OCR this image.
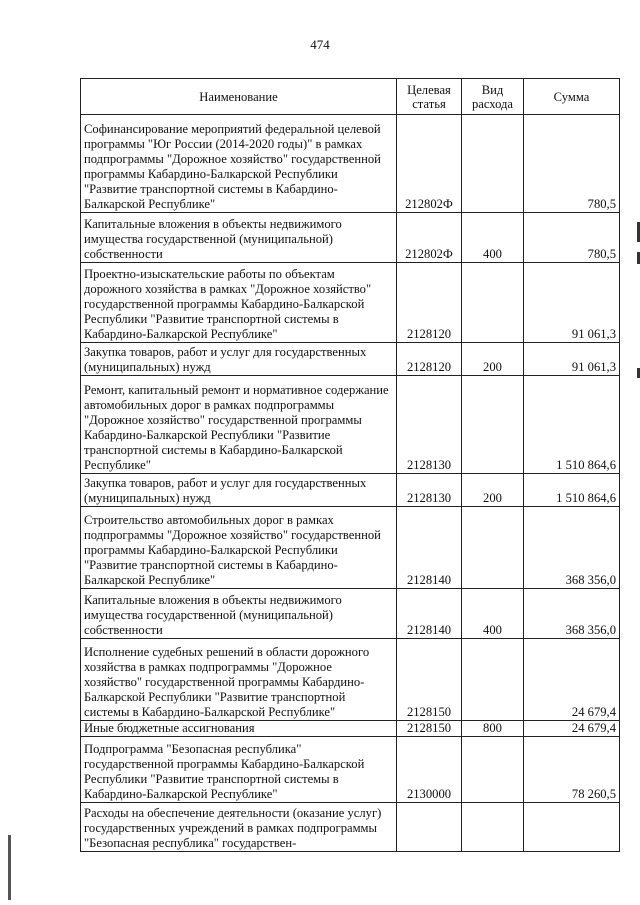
474
Наименование	Целевая статья	Вид расхода	Сумма
Софинансирование мероприятий федеральной целевой программы "Юг России (2014-2020 годы)" в рамках подпрограммы "Дорожное хозяйство" государственной программы Кабардино-Балкарской Республики "Развитие транспортной системы в Кабардино-Балкарской Республике"	212802Ф		780,5
Капитальные вложения в объекты недвижимого имущества государственной (муниципальной) собственности	212802Ф	400	780,5
Проектно-изыскательские работы по объектам дорожного хозяйства в рамках "Дорожное хозяйство" государственной программы Кабардино-Балкарской Республики "Развитие транспортной системы в Кабардино-Балкарской Республике"	2128120		91 061,3
Закупка товаров, работ и услуг для государственных (муниципальных) нужд	2128120	200	91 061,3
Ремонт, капитальный ремонт и нормативное содержание автомобильных дорог в рамках подпрограммы "Дорожное хозяйство" государственной программы Кабардино-Балкарской Республики "Развитие транспортной системы в Кабардино-Балкарской Республике"	2128130		1 510 864,6
Закупка товаров, работ и услуг для государственных (муниципальных) нужд	2128130	200	1 510 864,6
Строительство автомобильных дорог в рамках подпрограммы "Дорожное хозяйство" государственной программы Кабардино-Балкарской Республики "Развитие транспортной системы в Кабардино-Балкарской Республике"	2128140		368 356,0
Капитальные вложения в объекты недвижимого имущества государственной (муниципальной) собственности	2128140	400	368 356,0
Исполнение судебных решений в области дорожного хозяйства в рамках подпрограммы "Дорожное хозяйство" государственной программы Кабардино-Балкарской Республики "Развитие транспортной системы в Кабардино-Балкарской Республике"	2128150		24 679,4
Иные бюджетные ассигнования	2128150	800	24 679,4
Подпрограмма "Безопасная республика" государственной программы Кабардино-Балкарской Республики "Развитие транспортной системы в Кабардино-Балкарской Республике"	2130000		78 260,5
Расходы на обеспечение деятельности (оказание услуг) государственных учреждений в рамках подпрограммы "Безопасная республика" государствен-			
